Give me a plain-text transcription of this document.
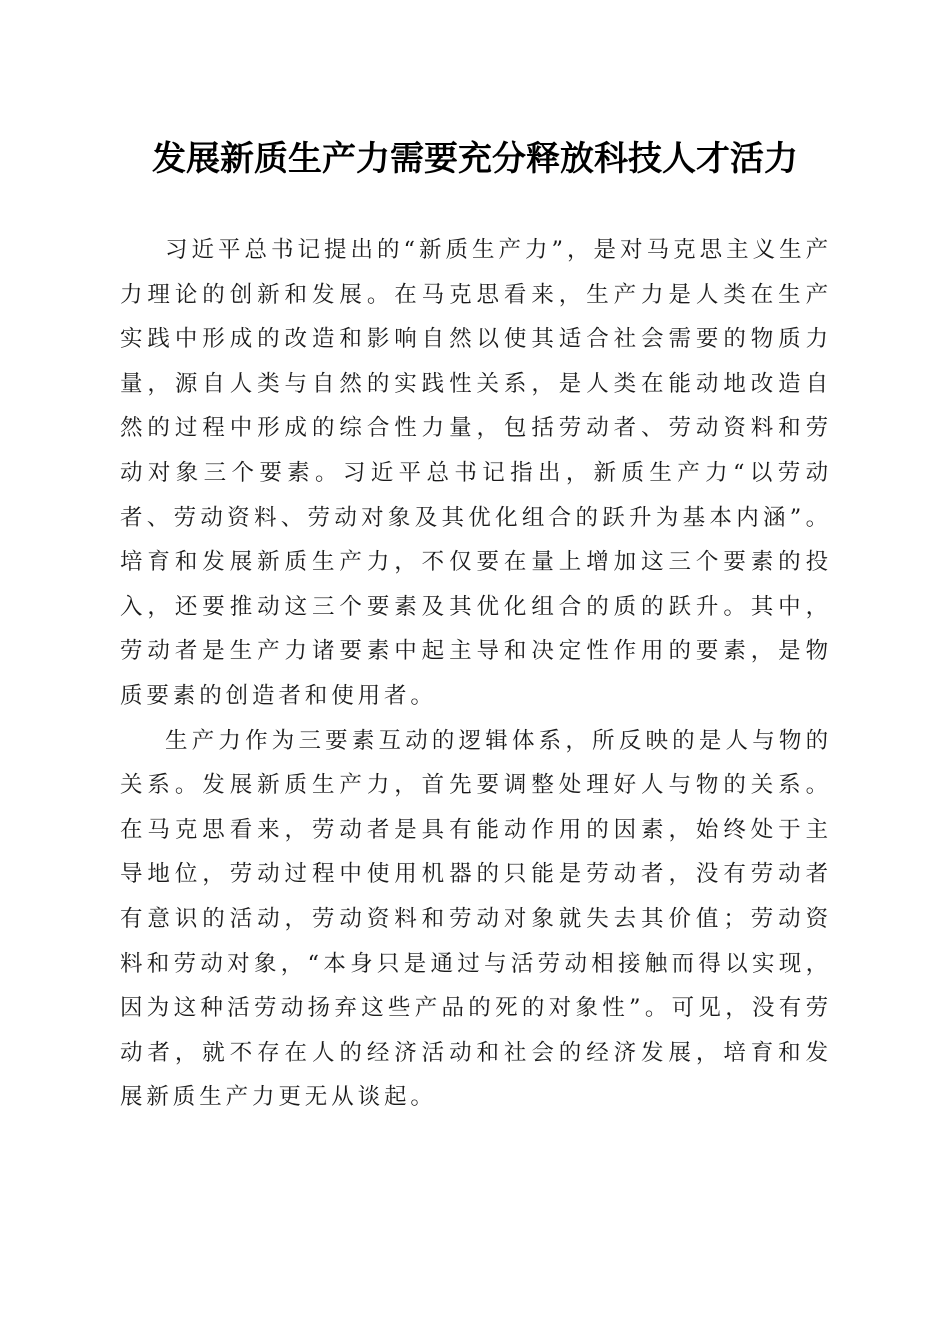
发展新质生产力需要充分释放科技人才活力

习近平总书记提出的“新质生产力”，是对马克思主义生产力理论的创新和发展。在马克思看来，生产力是人类在生产实践中形成的改造和影响自然以使其适合社会需要的物质力量，源自人类与自然的实践性关系，是人类在能动地改造自然的过程中形成的综合性力量，包括劳动者、劳动资料和劳动对象三个要素。习近平总书记指出，新质生产力“以劳动者、劳动资料、劳动对象及其优化组合的跃升为基本内涵”。培育和发展新质生产力，不仅要在量上增加这三个要素的投入，还要推动这三个要素及其优化组合的质的跃升。其中，劳动者是生产力诸要素中起主导和决定性作用的要素，是物质要素的创造者和使用者。

生产力作为三要素互动的逻辑体系，所反映的是人与物的关系。发展新质生产力，首先要调整处理好人与物的关系。在马克思看来，劳动者是具有能动作用的因素，始终处于主导地位，劳动过程中使用机器的只能是劳动者，没有劳动者有意识的活动，劳动资料和劳动对象就失去其价值；劳动资料和劳动对象，“本身只是通过与活劳动相接触而得以实现，因为这种活劳动扬弃这些产品的死的对象性”。可见，没有劳动者，就不存在人的经济活动和社会的经济发展，培育和发展新质生产力更无从谈起。
